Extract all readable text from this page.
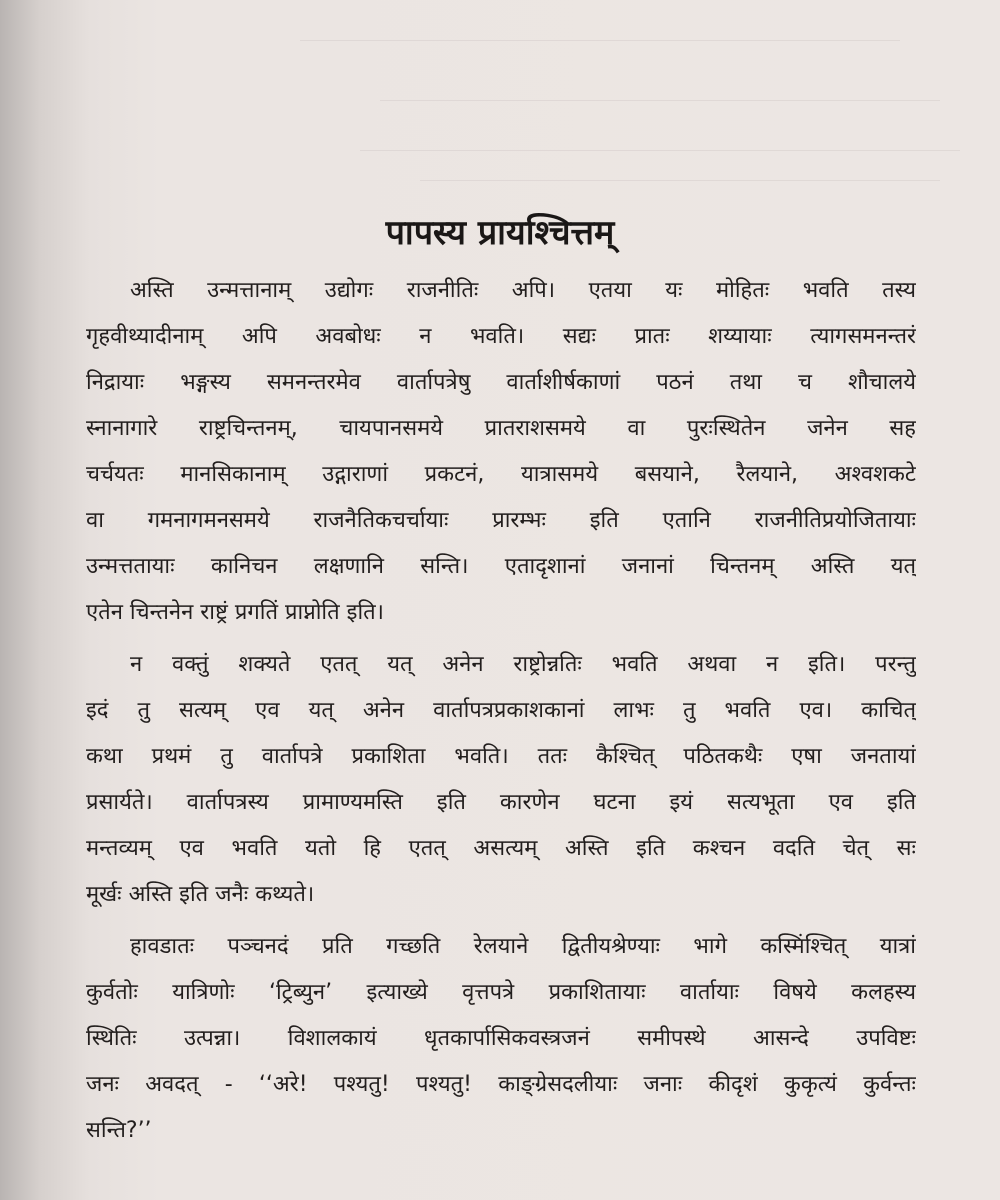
पापस्य प्रायश्चित्तम्
अस्ति उन्मत्तानाम् उद्योगः राजनीतिः अपि। एतया यः मोहितः भवति तस्य
गृहवीथ्यादीनाम् अपि अवबोधः न भवति। सद्यः प्रातः शय्यायाः त्यागसमनन्तरं
निद्रायाः भङ्गस्य समनन्तरमेव वार्तापत्रेषु वार्ताशीर्षकाणां पठनं तथा च शौचालये
स्नानागारे राष्ट्रचिन्तनम्, चायपानसमये प्रातराशसमये वा पुरःस्थितेन जनेन सह
चर्चयतः मानसिकानाम् उद्गाराणां प्रकटनं, यात्रासमये बसयाने, रैलयाने, अश्वशकटे
वा गमनागमनसमये राजनैतिकचर्चायाः प्रारम्भः इति एतानि राजनीतिप्रयोजितायाः
उन्मत्ततायाः कानिचन लक्षणानि सन्ति। एतादृशानां जनानां चिन्तनम् अस्ति यत्
एतेन चिन्तनेन राष्ट्रं प्रगतिं प्राप्नोति इति।
न वक्तुं शक्यते एतत् यत् अनेन राष्ट्रोन्नतिः भवति अथवा न इति। परन्तु
इदं तु सत्यम् एव यत् अनेन वार्तापत्रप्रकाशकानां लाभः तु भवति एव। काचित्
कथा प्रथमं तु वार्तापत्रे प्रकाशिता भवति। ततः कैश्चित् पठितकथैः एषा जनतायां
प्रसार्यते। वार्तापत्रस्य प्रामाण्यमस्ति इति कारणेन घटना इयं सत्यभूता एव इति
मन्तव्यम् एव भवति यतो हि एतत् असत्यम् अस्ति इति कश्चन वदति चेत् सः
मूर्खः अस्ति इति जनैः कथ्यते।
हावडातः पञ्चनदं प्रति गच्छति रेलयाने द्वितीयश्रेण्याः भागे कस्मिंश्चित् यात्रां
कुर्वतोः यात्रिणोः ‘ट्रिब्युन’ इत्याख्ये वृत्तपत्रे प्रकाशितायाः वार्तायाः विषये कलहस्य
स्थितिः उत्पन्ना। विशालकायं धृतकार्पासिकवस्त्रजनं समीपस्थे आसन्दे उपविष्टः
जनः अवदत् - ‘‘अरे! पश्यतु! पश्यतु! काङ्ग्रेसदलीयाः जनाः कीदृशं कुकृत्यं कुर्वन्तः
सन्ति?’’
